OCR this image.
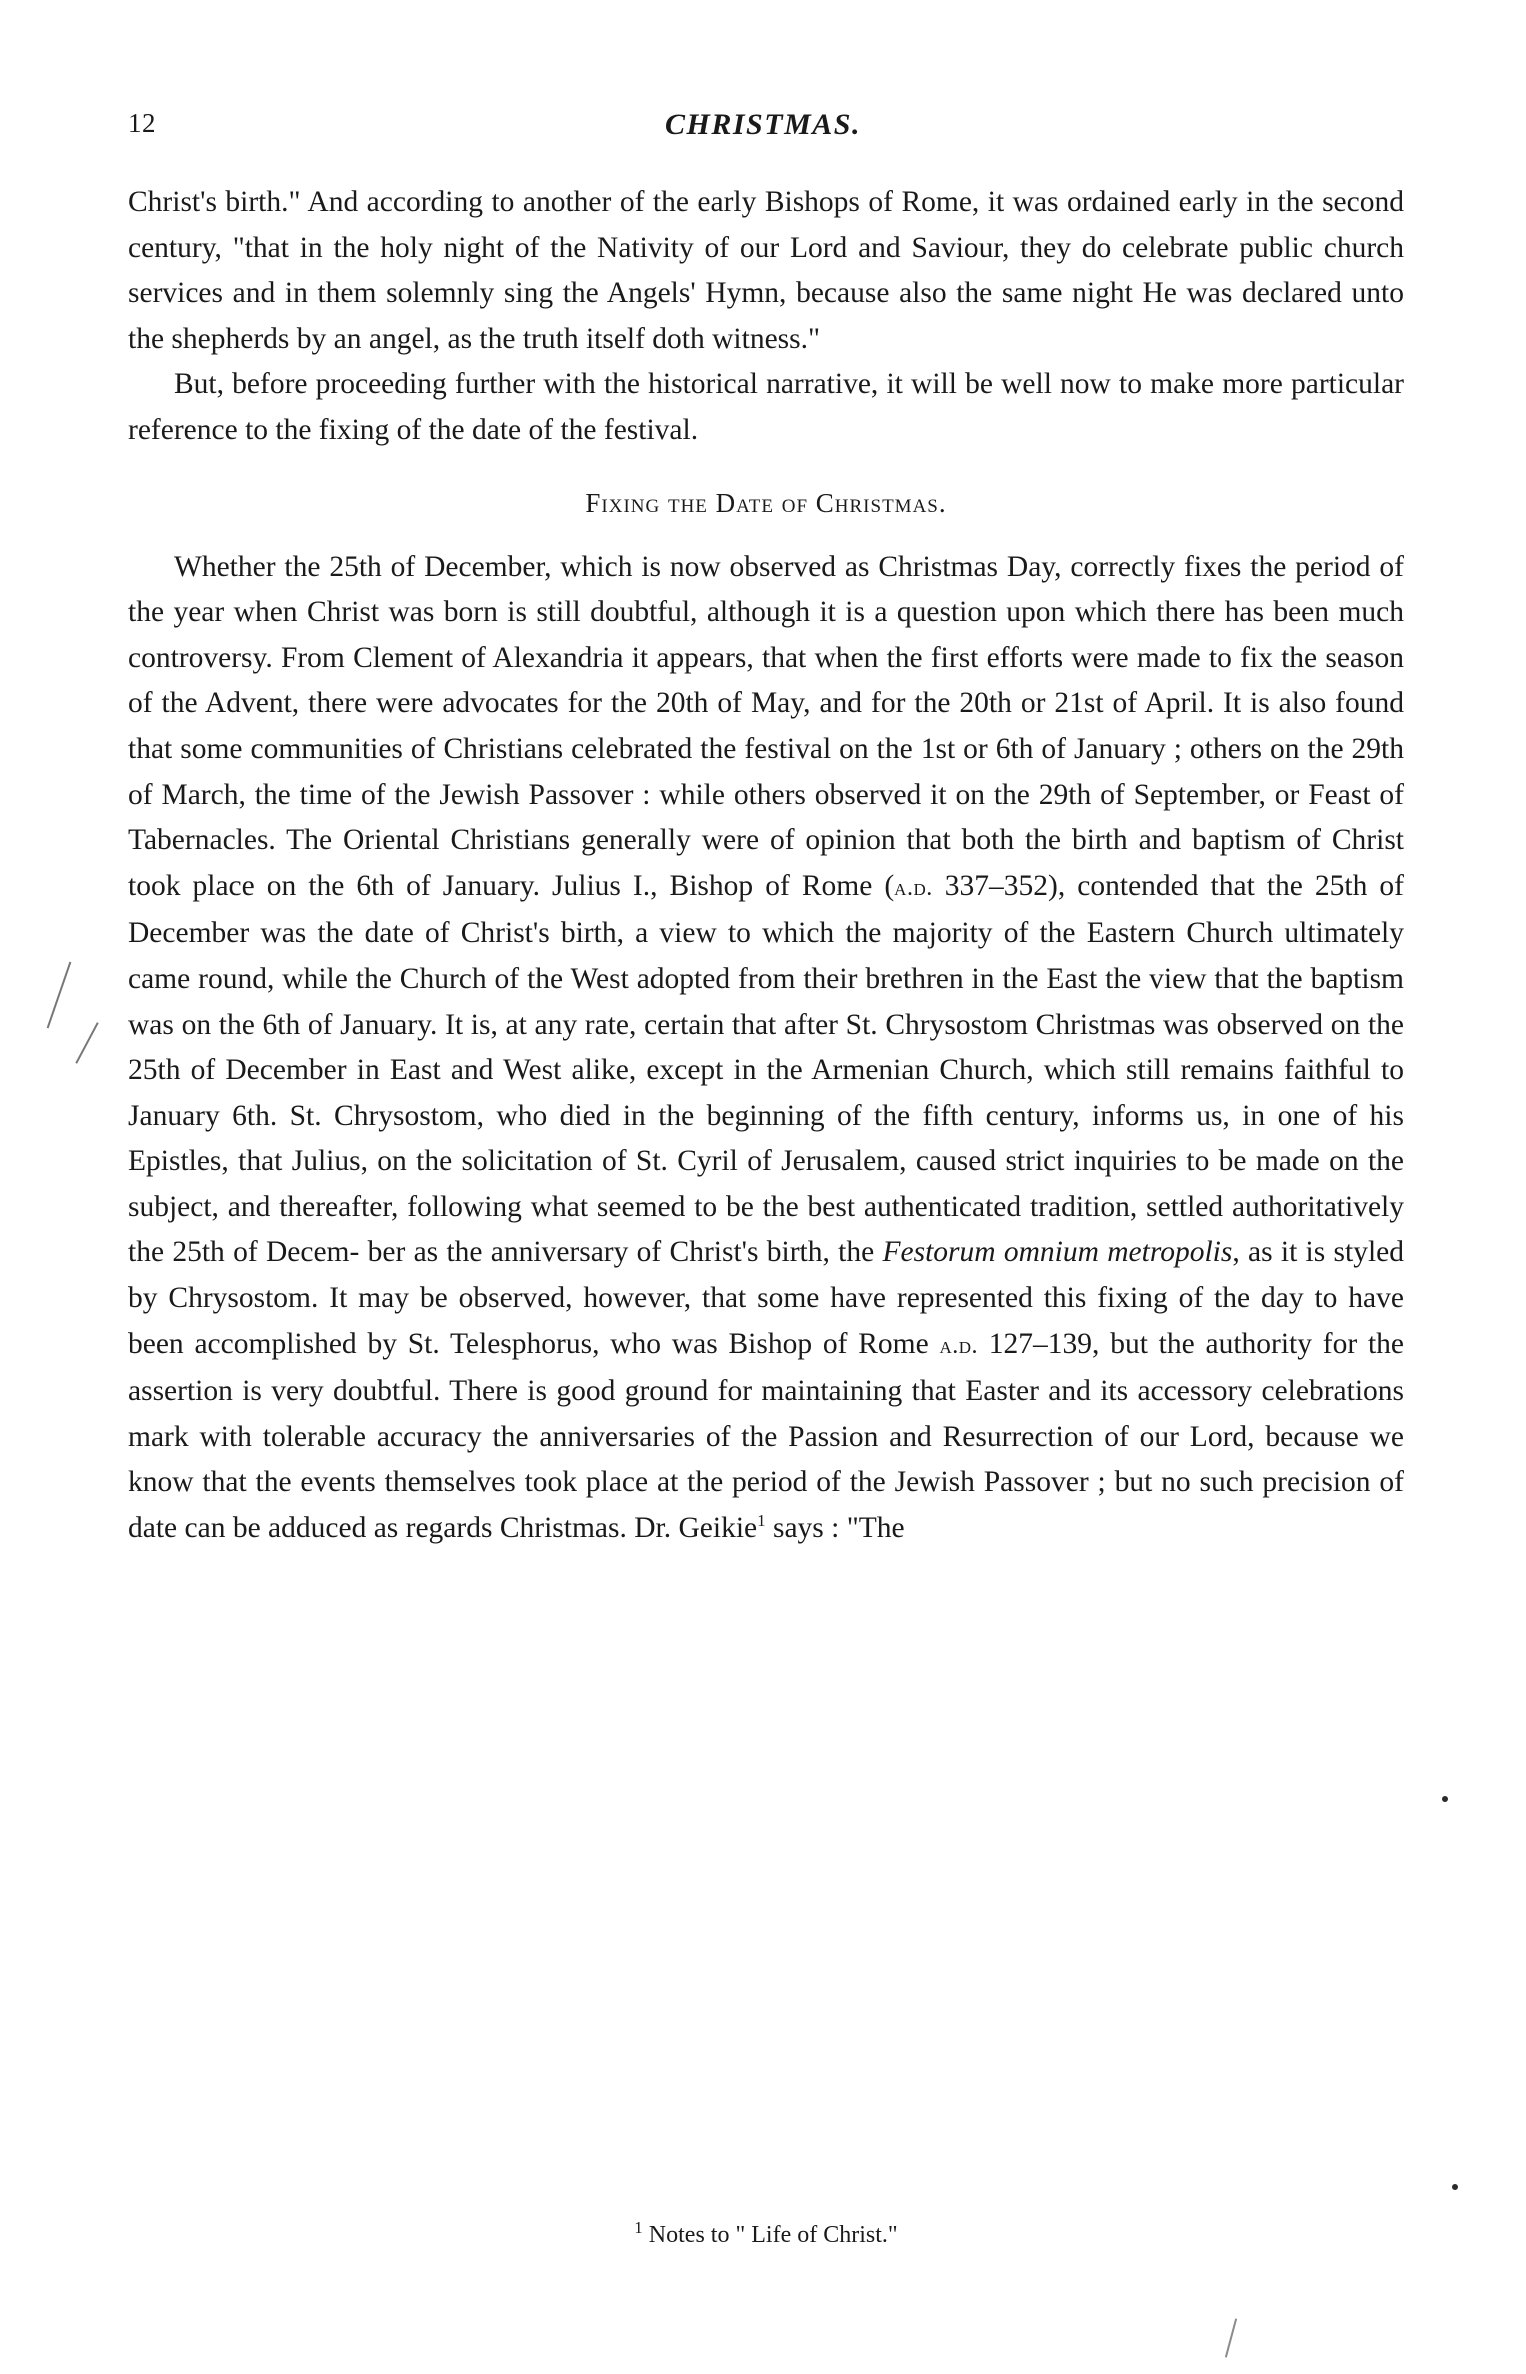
12	CHRISTMAS.

Christ's birth." And according to another of the early Bishops of Rome, it was ordained early in the second century, "that in the holy night of the Nativity of our Lord and Saviour, they do celebrate public church services and in them solemnly sing the Angels' Hymn, because also the same night He was declared unto the shepherds by an angel, as the truth itself doth witness."

But, before proceeding further with the historical narrative, it will be well now to make more particular reference to the fixing of the date of the festival.

Fixing the Date of Christmas.

Whether the 25th of December, which is now observed as Christmas Day, correctly fixes the period of the year when Christ was born is still doubtful, although it is a question upon which there has been much controversy. From Clement of Alexandria it appears, that when the first efforts were made to fix the season of the Advent, there were advocates for the 20th of May, and for the 20th or 21st of April. It is also found that some communities of Christians celebrated the festival on the 1st or 6th of January ; others on the 29th of March, the time of the Jewish Passover : while others observed it on the 29th of September, or Feast of Tabernacles. The Oriental Christians generally were of opinion that both the birth and baptism of Christ took place on the 6th of January. Julius I., Bishop of Rome (a.d. 337–352), contended that the 25th of December was the date of Christ's birth, a view to which the majority of the Eastern Church ultimately came round, while the Church of the West adopted from their brethren in the East the view that the baptism was on the 6th of January. It is, at any rate, certain that after St. Chrysostom Christmas was observed on the 25th of December in East and West alike, except in the Armenian Church, which still remains faithful to January 6th. St. Chrysostom, who died in the beginning of the fifth century, informs us, in one of his Epistles, that Julius, on the solicitation of St. Cyril of Jerusalem, caused strict inquiries to be made on the subject, and thereafter, following what seemed to be the best authenticated tradition, settled authoritatively the 25th of Decem- ber as the anniversary of Christ's birth, the Festorum omnium metropolis, as it is styled by Chrysostom. It may be observed, however, that some have represented this fixing of the day to have been accomplished by St. Telesphorus, who was Bishop of Rome a.d. 127–139, but the authority for the assertion is very doubtful. There is good ground for maintaining that Easter and its accessory celebrations mark with tolerable accuracy the anniversaries of the Passion and Resurrection of our Lord, because we know that the events themselves took place at the period of the Jewish Passover ; but no such precision of date can be adduced as regards Christmas. Dr. Geikie$^1$ says : "The

$^1$ Notes to " Life of Christ."
